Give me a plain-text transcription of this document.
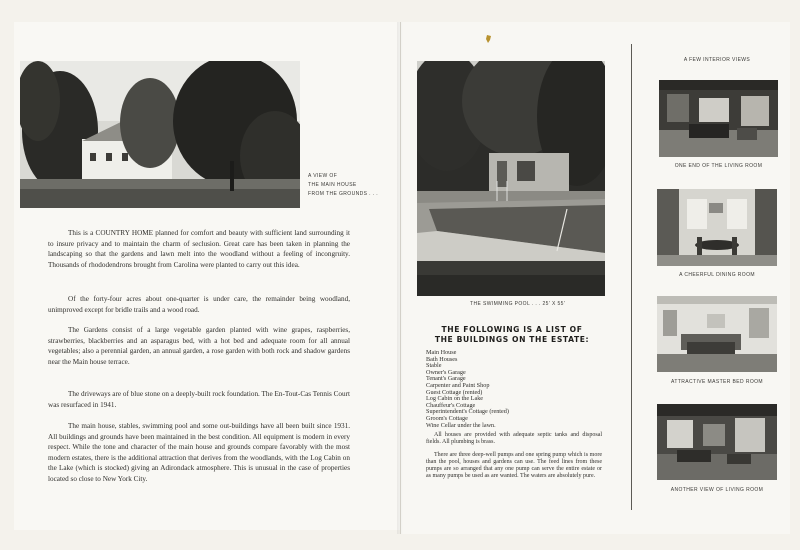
A VIEW OF
THE MAIN HOUSE
FROM THE GROUNDS . . .

This is a COUNTRY HOME planned for comfort and beauty with sufficient land surrounding it to insure privacy and to maintain the charm of seclusion. Great care has been taken in planning the landscaping so that the gardens and lawn melt into the woodland without a feeling of incongruity. Thousands of rhododendrons brought from Carolina were planted to carry out this idea.

Of the forty-four acres about one-quarter is under care, the remainder being woodland, unimproved except for bridle trails and a wood road.

The Gardens consist of a large vegetable garden planted with wine grapes, raspberries, strawberries, blackberries and an asparagus bed, with a hot bed and adequate room for all annual vegetables; also a perennial garden, an annual garden, a rose garden with both rock and shadow gardens near the Main house terrace.

The driveways are of blue stone on a deeply-built rock foundation. The En-Tout-Cas Tennis Court was resurfaced in 1941.

The main house, stables, swimming pool and some out-buildings have all been built since 1931. All buildings and grounds have been maintained in the best condition. All equipment is modern in every respect. While the tone and character of the main house and grounds compare favorably with the most modern estates, there is the additional attraction that derives from the woodlands, with the Log Cabin on the Lake (which is stocked) giving an Adirondack atmosphere. This is unusual in the case of properties located so close to New York City.

THE SWIMMING POOL . . . 25' X 55'
THE FOLLOWING IS A LIST OF
THE BUILDINGS ON THE ESTATE:
Main House
Bath Houses
Stable
Owner's Garage
Tenant's Garage
Carpenter and Paint Shop
Guest Cottage (rented)
Log Cabin on the Lake
Chauffeur's Cottage
Superintendent's Cottage (rented)
Groom's Cottage
Wine Cellar under the lawn.

All houses are provided with adequate septic tanks and disposal fields. All plumbing is brass.

There are three deep-well pumps and one spring pump which is more than the pool, houses and gardens can use. The feed lines from these pumps are so arranged that any one pump can serve the entire estate or as many pumps be used as are wanted. The waters are absolutely pure.

A FEW INTERIOR VIEWS
ONE END OF THE LIVING ROOM
A CHEERFUL DINING ROOM
ATTRACTIVE MASTER BED ROOM
ANOTHER VIEW OF LIVING ROOM
